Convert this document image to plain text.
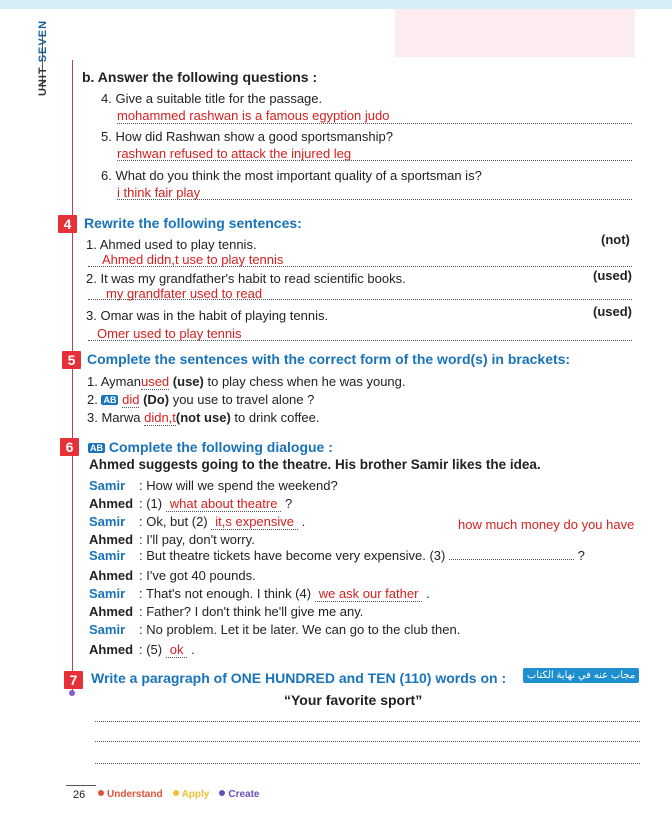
UNIT SEVEN
b. Answer the following questions :
4. Give a suitable title for the passage.
mohammed rashwan is a famous egyption judo
5. How did Rashwan show a good sportsmanship?
rashwan refused to attack the injured leg
6. What do you think the most important quality of a sportsman is?
i think fair play
4 Rewrite the following sentences:
1. Ahmed used to play tennis.	(not)
Ahmed didn,t use to play tennis
2. It was my grandfather's habit to read scientific books.	(used)
my grandfater used to read
3. Omar was in the habit of playing tennis.	(used)
Omer used to play tennis
5 Complete the sentences with the correct form of the word(s) in brackets:
1. Aymanused (use) to play chess when he was young.
2. AB did (Do) you use to travel alone ?
3. Marwa didn,t(not use) to drink coffee.
6	AB Complete the following dialogue :
Ahmed suggests going to the theatre. His brother Samir likes the idea.
Samir : How will we spend the weekend?
Ahmed : (1) what about theatre ?
Samir : Ok, but (2) it,s expensive .
Ahmed : I'll pay, don't worry.
Samir : But theatre tickets have become very expensive. (3)
how much money do you have
?
Ahmed : I've got 40 pounds.
Samir : That's not enough. I think (4) we ask our father .
Ahmed : Father? I don't think he'll give me any.
Samir : No problem. Let it be later. We can go to the club then.
Ahmed : (5) ok .
7 Write a paragraph of ONE HUNDRED and TEN (110) words on :	مجاب عنه في نهاية الكتاب
“Your favorite sport”
26	Understand Apply Create
